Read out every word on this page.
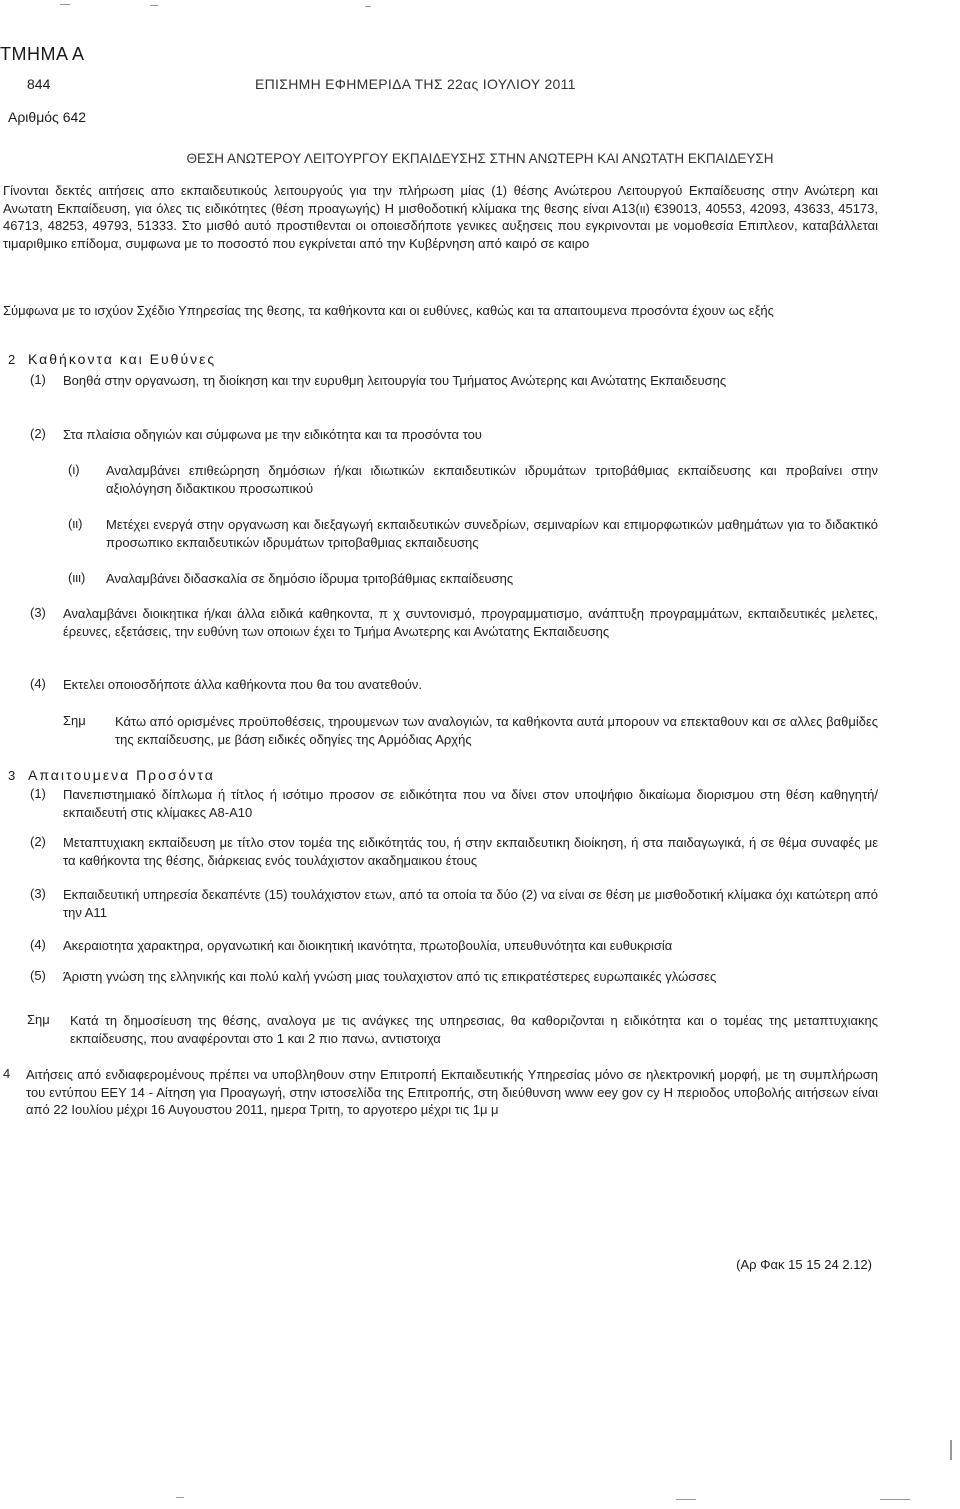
ΤΜΗΜΑ Α
844	ΕΠΙΣΗΜΗ ΕΦΗΜΕΡΙΔΑ ΤΗΣ 22ας ΙΟΥΛΙΟΥ 2011
Αριθμός 642
ΘΕΣΗ ΑΝΩΤΕΡΟΥ ΛΕΙΤΟΥΡΓΟΥ ΕΚΠΑΙΔΕΥΣΗΣ ΣΤΗΝ ΑΝΩΤΕΡΗ ΚΑΙ ΑΝΩΤΑΤΗ ΕΚΠΑΙΔΕΥΣΗ

Γίνονται δεκτές αιτήσεις απο εκπαιδευτικούς λειτουργούς για την πλήρωση μίας (1) θέσης Ανώτερου Λειτουργού Εκπαίδευσης στην Ανώτερη και Ανωτατη Εκπαίδευση, για όλες τις ειδικότητες (θέση προαγωγής) Η μισθοδοτική κλίμακα της θεσης είναι Α13(ιι) €39013, 40553, 42093, 43633, 45173, 46713, 48253, 49793, 51333. Στο μισθό αυτό προστιθενται οι οποιεσδήποτε γενικες αυξησεις που εγκρινονται με νομοθεσία Επιπλεον, καταβάλλεται τιμαριθμικο επίδομα, συμφωνα με το ποσοστό που εγκρίνεται από την Κυβέρνηση από καιρό σε καιρο

Σύμφωνα με το ισχύον Σχέδιο Υπηρεσίας της θεσης, τα καθήκοντα και οι ευθύνες, καθώς και τα απαιτουμενα προσόντα έχουν ως εξής

2 Καθήκοντα και Ευθύνες
(1) Βοηθά στην οργανωση, τη διοίκηση και την ευρυθμη λειτουργία του Τμήματος Ανώτερης και Ανώτατης Εκπαιδευσης
(2) Στα πλαίσια οδηγιών και σύμφωνα με την ειδικότητα και τα προσόντα του
(ι) Αναλαμβάνει επιθεώρηση δημόσιων ή/και ιδιωτικών εκπαιδευτικών ιδρυμάτων τριτοβάθμιας εκπαίδευσης και προβαίνει στην αξιολόγηση διδακτικου προσωπικού
(ιι) Μετέχει ενεργά στην οργανωση και διεξαγωγή εκπαιδευτικών συνεδρίων, σεμιναρίων και επιμορφωτικών μαθημάτων για το διδακτικό προσωπικο εκπαιδευτικών ιδρυμάτων τριτοβαθμιας εκπαιδευσης
(ιιι) Αναλαμβάνει διδασκαλία σε δημόσιο ίδρυμα τριτοβάθμιας εκπαίδευσης
(3) Αναλαμβάνει διοικητικα ή/και άλλα ειδικά καθηκοντα, π χ συντονισμό, προγραμματισμο, ανάπτυξη προγραμμάτων, εκπαιδευτικές μελετες, έρευνες, εξετάσεις, την ευθύνη των οποιων έχει το Τμήμα Ανωτερης και Ανώτατης Εκπαιδευσης
(4) Εκτελει οποιοσδήποτε άλλα καθήκοντα που θα του ανατεθούν.
Σημ Κάτω από ορισμένες προϋποθέσεις, τηρουμενων των αναλογιών, τα καθήκοντα αυτά μπορουν να επεκταθουν και σε αλλες βαθμίδες της εκπαίδευσης, με βάση ειδικές οδηγίες της Αρμόδιας Αρχής
3 Απαιτουμενα Προσόντα
(1) Πανεπιστημιακό δίπλωμα ή τίτλος ή ισότιμο προσον σε ειδικότητα που να δίνει στον υποψήφιο δικαίωμα διορισμου στη θέση καθηγητή/εκπαιδευτή στις κλίμακες Α8-Α10
(2) Μεταπτυχιακη εκπαίδευση με τίτλο στον τομέα της ειδικότητάς του, ή στην εκπαιδευτικη διοίκηση, ή στα παιδαγωγικά, ή σε θέμα συναφές με τα καθήκοντα της θέσης, διάρκειας ενός τουλάχιστον ακαδημαικου έτους
(3) Εκπαιδευτική υπηρεσία δεκαπέντε (15) τουλάχιστον ετων, από τα οποία τα δύο (2) να είναι σε θέση με μισθοδοτική κλίμακα όχι κατώτερη από την Α11
(4) Ακεραιοτητα χαρακτηρα, οργανωτική και διοικητική ικανότητα, πρωτοβουλία, υπευθυνότητα και ευθυκρισία
(5) Άριστη γνώση της ελληνικής και πολύ καλή γνώση μιας τουλαχιστον από τις επικρατέστερες ευρωπαικές γλώσσες
Σημ Κατά τη δημοσίευση της θέσης, αναλογα με τις ανάγκες της υπηρεσιας, θα καθοριζονται η ειδικότητα και ο τομέας της μεταπτυχιακης εκπαίδευσης, που αναφέρονται στο 1 και 2 πιο πανω, αντιστοιχα
4 Αιτήσεις από ενδιαφερομένους πρέπει να υποβληθουν στην Επιτροπή Εκπαιδευτικής Υπηρεσίας μόνο σε ηλεκτρονική μορφή, με τη συμπλήρωση του εντύπου ΕΕΥ 14 - Αίτηση για Προαγωγή, στην ιστοσελίδα της Επιτροπής, στη διεύθυνση www eey gov cy Η περιοδος υποβολής αιτήσεων είναι από 22 Ιουλίου μέχρι 16 Αυγουστου 2011, ημερα Τριτη, το αργοτερο μέχρι τις 1μ μ
(Αρ Φακ 15 15 24 2.12)
